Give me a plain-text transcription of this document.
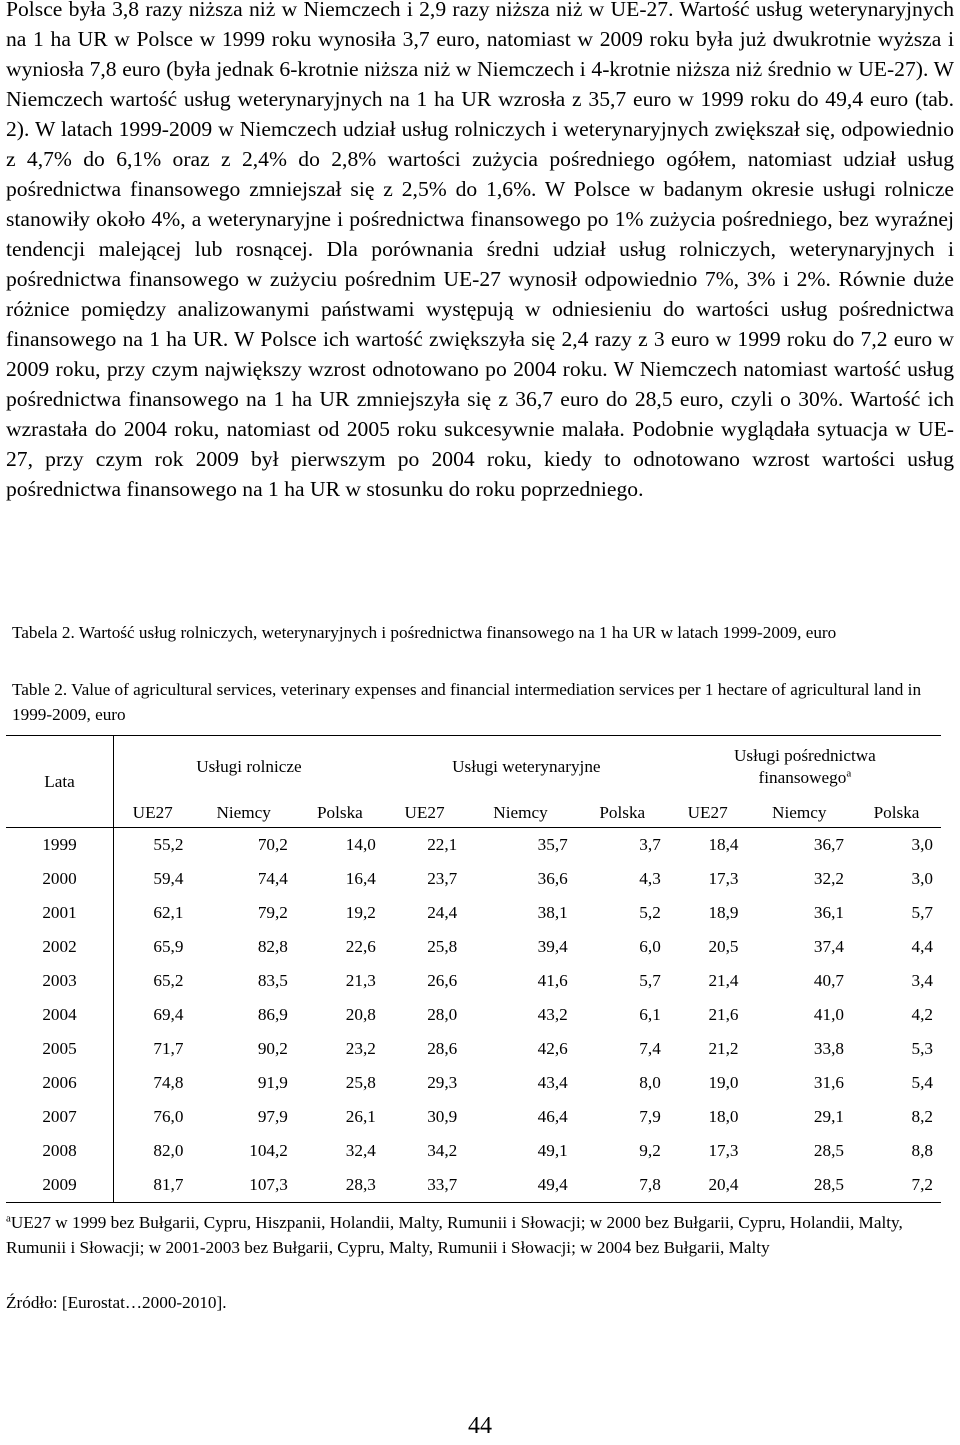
Polsce była 3,8 razy niższa niż w Niemczech i 2,9 razy niższa niż w UE-27. Wartość usług weterynaryjnych na 1 ha UR w Polsce w 1999 roku wynosiła 3,7 euro, natomiast w 2009 roku była już dwukrotnie wyższa i wyniosła 7,8 euro (była jednak 6-krotnie niższa niż w Niemczech i 4-krotnie niższa niż średnio w UE-27). W Niemczech wartość usług weterynaryjnych na 1 ha UR wzrosła z 35,7 euro w 1999 roku do 49,4 euro (tab. 2). W latach 1999-2009 w Niemczech udział usług rolniczych i weterynaryjnych zwiększał się, odpowiednio z 4,7% do 6,1% oraz z 2,4% do 2,8% wartości zużycia pośredniego ogółem, natomiast udział usług pośrednictwa finansowego zmniejszał się z 2,5% do 1,6%. W Polsce w badanym okresie usługi rolnicze stanowiły około 4%, a weterynaryjne i pośrednictwa finansowego po 1% zużycia pośredniego, bez wyraźnej tendencji malejącej lub rosnącej. Dla porównania średni udział usług rolniczych, weterynaryjnych i pośrednictwa finansowego w zużyciu pośrednim UE-27 wynosił odpowiednio 7%, 3% i 2%. Równie duże różnice pomiędzy analizowanymi państwami występują w odniesieniu do wartości usług pośrednictwa finansowego na 1 ha UR. W Polsce ich wartość zwiększyła się 2,4 razy z 3 euro w 1999 roku do 7,2 euro w 2009 roku, przy czym największy wzrost odnotowano po 2004 roku. W Niemczech natomiast wartość usług pośrednictwa finansowego na 1 ha UR zmniejszyła się z 36,7 euro do 28,5 euro, czyli o 30%. Wartość ich wzrastała do 2004 roku, natomiast od 2005 roku sukcesywnie malała. Podobnie wyglądała sytuacja w UE-27, przy czym rok 2009 był pierwszym po 2004 roku, kiedy to odnotowano wzrost wartości usług pośrednictwa finansowego na 1 ha UR w stosunku do roku poprzedniego.

Tabela 2. Wartość usług rolniczych, weterynaryjnych i pośrednictwa finansowego na 1 ha UR w latach 1999-2009, euro
Table 2. Value of agricultural services, veterinary expenses and financial intermediation services per 1 hectare of agricultural land in 1999-2009, euro
Lata	Usługi rolnicze			Usługi weterynaryjne			Usługi pośrednictwa
finansowego$^a$
	UE27	Niemcy	Polska	UE27	Niemcy	Polska	UE27	Niemcy	Polska
1999	55,2	70,2	14,0	22,1	35,7	3,7	18,4	36,7	3,0
2000	59,4	74,4	16,4	23,7	36,6	4,3	17,3	32,2	3,0
2001	62,1	79,2	19,2	24,4	38,1	5,2	18,9	36,1	5,7
2002	65,9	82,8	22,6	25,8	39,4	6,0	20,5	37,4	4,4
2003	65,2	83,5	21,3	26,6	41,6	5,7	21,4	40,7	3,4
2004	69,4	86,9	20,8	28,0	43,2	6,1	21,6	41,0	4,2
2005	71,7	90,2	23,2	28,6	42,6	7,4	21,2	33,8	5,3
2006	74,8	91,9	25,8	29,3	43,4	8,0	19,0	31,6	5,4
2007	76,0	97,9	26,1	30,9	46,4	7,9	18,0	29,1	8,2
2008	82,0	104,2	32,4	34,2	49,1	9,2	17,3	28,5	8,8
2009	81,7	107,3	28,3	33,7	49,4	7,8	20,4	28,5	7,2
$^a$UE27 w 1999 bez Bułgarii, Cypru, Hiszpanii, Holandii, Malty, Rumunii i Słowacji; w 2000 bez Bułgarii, Cypru, Holandii, Malty, Rumunii i Słowacji; w 2001-2003 bez Bułgarii, Cypru, Malty, Rumunii i Słowacji; w 2004 bez Bułgarii, Malty
Źródło: [Eurostat…2000-2010].
44
